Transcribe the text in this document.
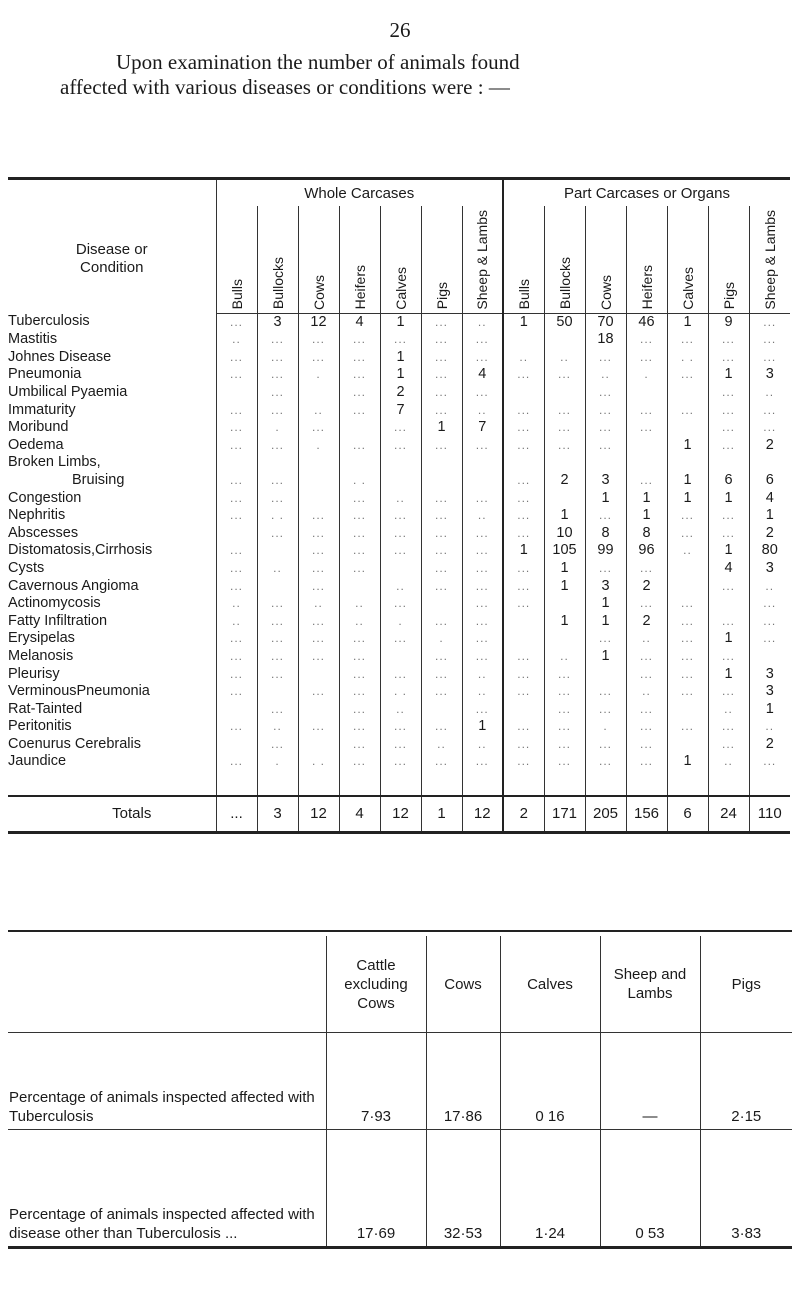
26
Upon examination the number of animals found
affected with various diseases or conditions were : —

Disease or
Condition	Whole Carcases							Part Carcases or Organs						
	Bulls	Bullocks	Cows	Heifers	Calves	Pigs	Sheep & Lambs	Bulls	Bullocks	Cows	Heifers	Calves	Pigs	Sheep & Lambs
Tuberculosis	...	3	12	4	1	...	..	1	50	70	46	1	9	...
Mastitis	..	...	...	...	...	...	...			18	...	...	...	...
Johnes Disease	...	...	...	...	1	...	...	..	..	...	...	. .	...	...
Pneumonia	...	...	.	...	1	...	4	...	...	..	.	...	1	3
Umbilical Pyaemia		...		...	2	...	...			...			...	..
Immaturity	...	...	..	...	7	...	..	...	...	...	...	...	...	...
Moribund	...	.	...		...	1	7	...	...	...	...		...	...
Oedema	...	...	.	...	...	...	...	...	...	...		1	...	2
Broken Limbs,														
Bruising	...	...		. .				...	2	3	...	1	6	6
Congestion	...	...		...	..	...	...	...		1	1	1	1	4
Nephritis	...	. .	...	...	...	...	..	...	1	...	1	...	...	1
Abscesses		...	...	...	...	...	...	...	10	8	8	...	...	2
Distomatosis,Cirrhosis	...		...	...	...	...	...	1	105	99	96	..	1	80
Cysts	...	..	...	...		...	...	...	1	...	...		4	3
Cavernous Angioma	...		...		..	...	...	...	1	3	2		...	..
Actinomycosis	..	...	..	..	...		...	...		1	...	...		...
Fatty Infiltration	..	...	...	..	.	...	...		1	1	2	...	...	...
Erysipelas	...	...	...	...	...	.	...			...	..	...	1	...
Melanosis	...	...	...	...		...	...	...	..	1	...	...	...	
Pleurisy	...	...		...	...	...	..	...	...		...	...	1	3
VerminousPneumonia	...		...	...	. .	...	..	...	...	...	..	...	...	3
Rat-Tainted		...		...	..		...		...	...	...		..	1
Peritonitis	...	..	...	...	...	...	1	...	...	.	...	...	...	..
Coenurus Cerebralis		...		...	...	..	..	...	...	...	...		...	2
Jaundice	...	.	. .	...	...	...	...	...	...	...	...	1	..	...

Totals	...	3	12	4	12	1	12	2	171	205	156	6	24	110

	Cattle excluding Cows	Cows	Calves	Sheep and Lambs	Pigs
Percentage of animals inspected affected with Tuberculosis	7·93	17·86	0 16	—	2·15
Percentage of animals inspected affected with disease other than Tuberculosis ...	17·69	32·53	1·24	0 53	3·83
